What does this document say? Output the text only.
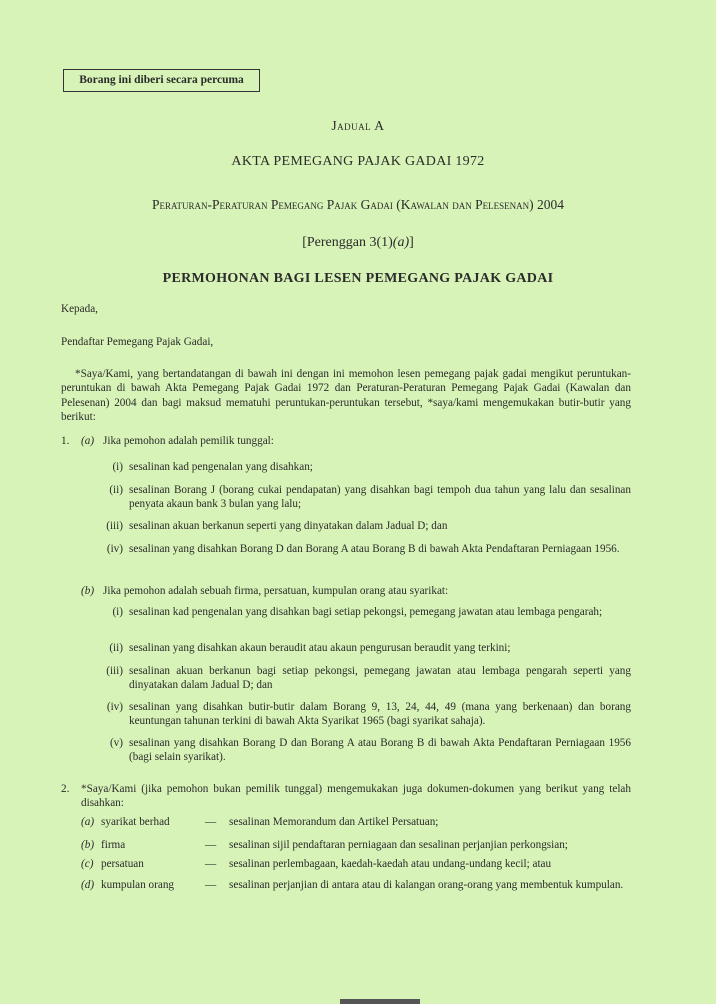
Borang ini diberi secara percuma
Jadual A
AKTA PEMEGANG PAJAK GADAI 1972
Peraturan-Peraturan Pemegang Pajak Gadai (Kawalan dan Pelesenan) 2004
[Perenggan 3(1)(a)]
PERMOHONAN BAGI LESEN PEMEGANG PAJAK GADAI
Kepada,
Pendaftar Pemegang Pajak Gadai,
*Saya/Kami, yang bertandatangan di bawah ini dengan ini memohon lesen pemegang pajak gadai mengikut peruntukan-peruntukan di bawah Akta Pemegang Pajak Gadai 1972 dan Peraturan-Peraturan Pemegang Pajak Gadai (Kawalan dan Pelesenan) 2004 dan bagi maksud mematuhi peruntukan-peruntukan tersebut, *saya/kami mengemukakan butir-butir yang berikut:
1. (a) Jika pemohon adalah pemilik tunggal:
(i) sesalinan kad pengenalan yang disahkan;
(ii) sesalinan Borang J (borang cukai pendapatan) yang disahkan bagi tempoh dua tahun yang lalu dan sesalinan penyata akaun bank 3 bulan yang lalu;
(iii) sesalinan akuan berkanun seperti yang dinyatakan dalam Jadual D; dan
(iv) sesalinan yang disahkan Borang D dan Borang A atau Borang B di bawah Akta Pendaftaran Perniagaan 1956.
(b) Jika pemohon adalah sebuah firma, persatuan, kumpulan orang atau syarikat:
(i) sesalinan kad pengenalan yang disahkan bagi setiap pekongsi, pemegang jawatan atau lembaga pengarah;
(ii) sesalinan yang disahkan akaun beraudit atau akaun pengurusan beraudit yang terkini;
(iii) sesalinan akuan berkanun bagi setiap pekongsi, pemegang jawatan atau lembaga pengarah seperti yang dinyatakan dalam Jadual D; dan
(iv) sesalinan yang disahkan butir-butir dalam Borang 9, 13, 24, 44, 49 (mana yang berkenaan) dan borang keuntungan tahunan terkini di bawah Akta Syarikat 1965 (bagi syarikat sahaja).
(v) sesalinan yang disahkan Borang D dan Borang A atau Borang B di bawah Akta Pendaftaran Perniagaan 1956 (bagi selain syarikat).
2. *Saya/Kami (jika pemohon bukan pemilik tunggal) mengemukakan juga dokumen-dokumen yang berikut yang telah disahkan:
(a) syarikat berhad	— sesalinan Memorandum dan Artikel Persatuan;
(b) firma	— sesalinan sijil pendaftaran perniagaan dan sesalinan perjanjian perkongsian;
(c) persatuan	— sesalinan perlembagaan, kaedah-kaedah atau undang-undang kecil; atau
(d) kumpulan orang	— sesalinan perjanjian di antara atau di kalangan orang-orang yang membentuk kumpulan.
